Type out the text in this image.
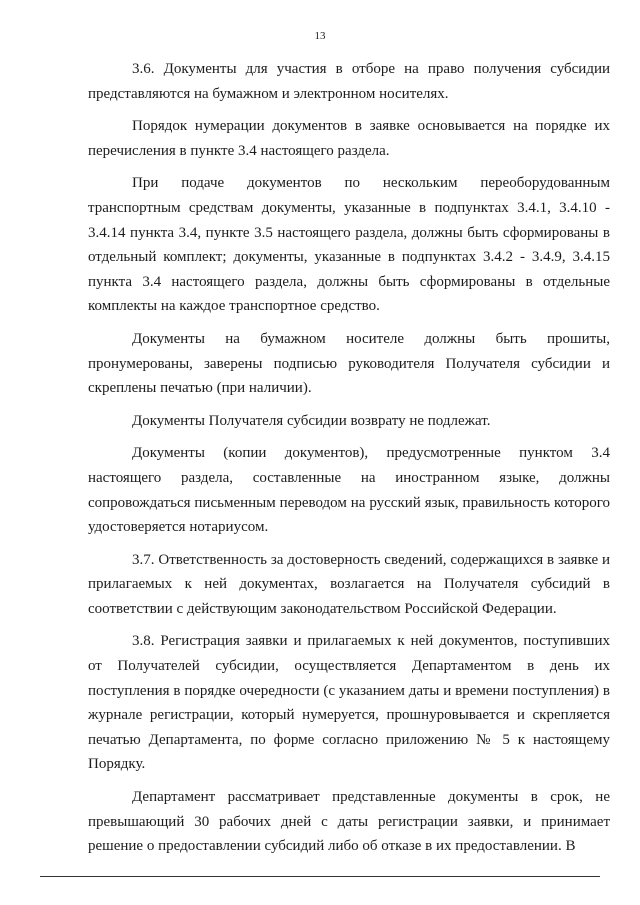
13

3.6. Документы для участия в отборе на право получения субсидии представляются на бумажном и электронном носителях.

Порядок нумерации документов в заявке основывается на порядке их перечисления в пункте 3.4 настоящего раздела.

При подаче документов по нескольким переоборудованным транспортным средствам документы, указанные в подпунктах 3.4.1, 3.4.10 - 3.4.14 пункта 3.4, пункте 3.5 настоящего раздела, должны быть сформированы в отдельный комплект; документы, указанные в подпунктах 3.4.2 - 3.4.9, 3.4.15 пункта 3.4 настоящего раздела, должны быть сформированы в отдельные комплекты на каждое транспортное средство.

Документы на бумажном носителе должны быть прошиты, пронумерованы, заверены подписью руководителя Получателя субсидии и скреплены печатью (при наличии).

Документы Получателя субсидии возврату не подлежат.

Документы (копии документов), предусмотренные пунктом 3.4 настоящего раздела, составленные на иностранном языке, должны сопровождаться письменным переводом на русский язык, правильность которого удостоверяется нотариусом.

3.7. Ответственность за достоверность сведений, содержащихся в заявке и прилагаемых к ней документах, возлагается на Получателя субсидий в соответствии с действующим законодательством Российской Федерации.

3.8. Регистрация заявки и прилагаемых к ней документов, поступивших от Получателей субсидии, осуществляется Департаментом в день их поступления в порядке очередности (с указанием даты и времени поступления) в журнале регистрации, который нумеруется, прошнуровывается и скрепляется печатью Департамента, по форме согласно приложению № 5 к настоящему Порядку.

Департамент рассматривает представленные документы в срок, не превышающий 30 рабочих дней с даты регистрации заявки, и принимает решение о предоставлении субсидий либо об отказе в их предоставлении. В
